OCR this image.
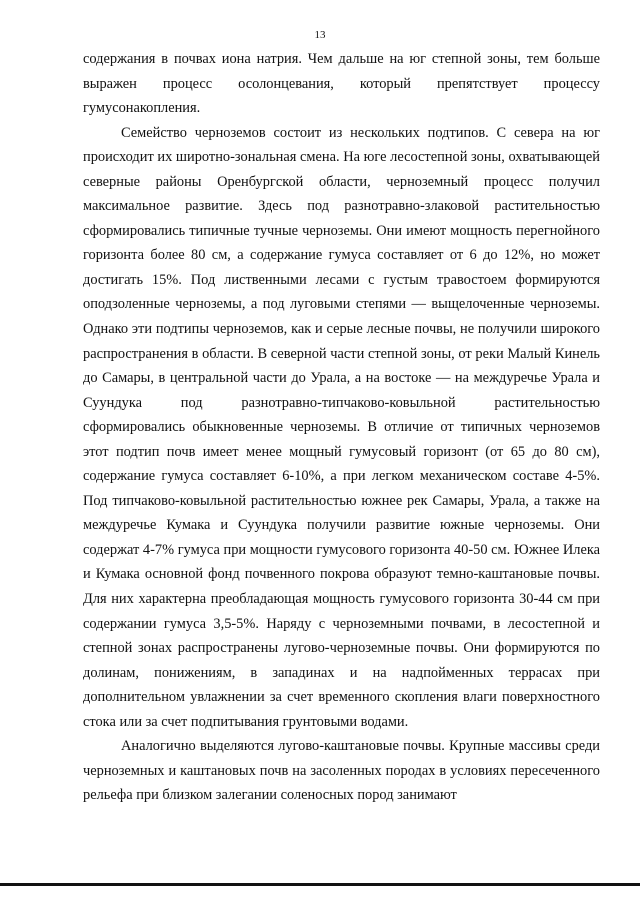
13

содержания в почвах иона натрия. Чем дальше на юг степной зоны, тем больше выражен процесс осолонцевания, который препятствует процессу гумусонакопления.

Семейство черноземов состоит из нескольких подтипов. С севера на юг происходит их широтно-зональная смена. На юге лесостепной зоны, охватывающей северные районы Оренбургской области, черноземный процесс получил максимальное развитие. Здесь под разнотравно-злаковой растительностью сформировались типичные тучные черноземы. Они имеют мощность перегнойного горизонта более 80 см, а содержание гумуса составляет от 6 до 12%, но может достигать 15%. Под лиственными лесами с густым травостоем формируются оподзоленные черноземы, а под луговыми степями — выщелоченные черноземы. Однако эти подтипы черноземов, как и серые лесные почвы, не получили широкого распространения в области. В северной части степной зоны, от реки Малый Кинель до Самары, в центральной части до Урала, а на востоке — на междуречье Урала и Суундука под разнотравно-типчаково-ковыльной растительностью сформировались обыкновенные черноземы. В отличие от типичных черноземов этот подтип почв имеет менее мощный гумусовый горизонт (от 65 до 80 см), содержание гумуса составляет 6-10%, а при легком механическом составе 4-5%. Под типчаково-ковыльной растительностью южнее рек Самары, Урала, а также на междуречье Кумака и Суундука получили развитие южные черноземы. Они содержат 4-7% гумуса при мощности гумусового горизонта 40-50 см. Южнее Илека и Кумака основной фонд почвенного покрова образуют темно-каштановые почвы. Для них характерна преобладающая мощность гумусового горизонта 30-44 см при содержании гумуса 3,5-5%. Наряду с черноземными почвами, в лесостепной и степной зонах распространены лугово-черноземные почвы. Они формируются по долинам, понижениям, в западинах и на надпойменных террасах при дополнительном увлажнении за счет временного скопления влаги поверхностного стока или за счет подпитывания грунтовыми водами.

Аналогично выделяются лугово-каштановые почвы. Крупные массивы среди черноземных и каштановых почв на засоленных породах в условиях пересеченного рельефа при близком залегании соленосных пород занимают
